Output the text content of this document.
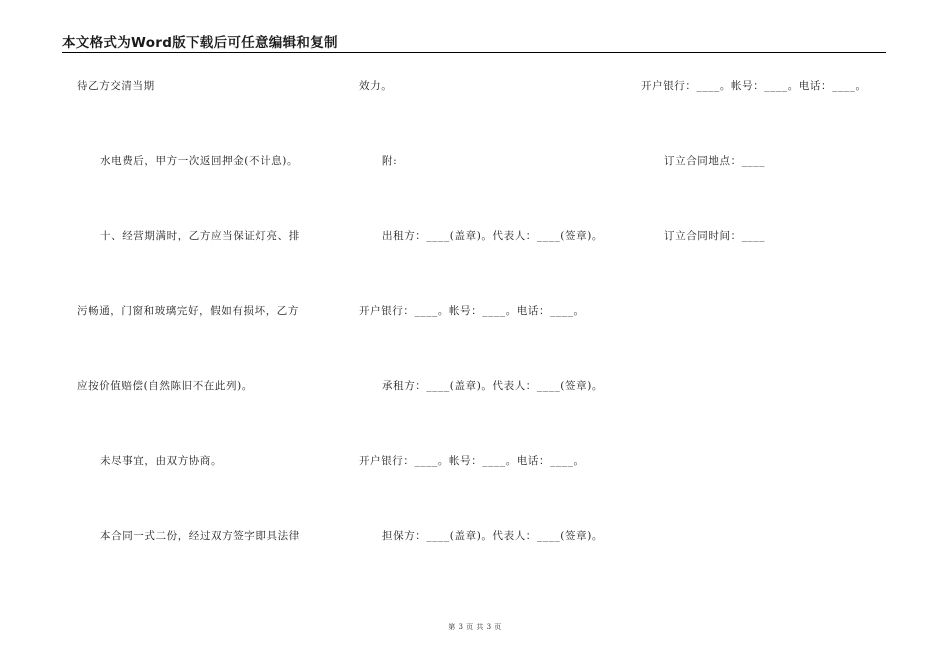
本文格式为Word版下载后可任意编辑和复制
待乙方交清当期
水电费后，甲方一次返回押金(不计息)。
十、经营期满时，乙方应当保证灯亮、排
污畅通，门窗和玻璃完好，假如有损坏，乙方
应按价值赔偿(自然陈旧不在此列)。
未尽事宜，由双方协商。
本合同一式二份，经过双方签字即具法律
效力。
附:
出租方：____(盖章)。代表人：____(签章)。
开户银行：____。帐号：____。电话：____。
承租方：____(盖章)。代表人：____(签章)。
开户银行：____。帐号：____。电话：____。
担保方：____(盖章)。代表人：____(签章)。
开户银行：____。帐号：____。电话：____。
订立合同地点：____
订立合同时间：____
第 3 页 共 3 页
